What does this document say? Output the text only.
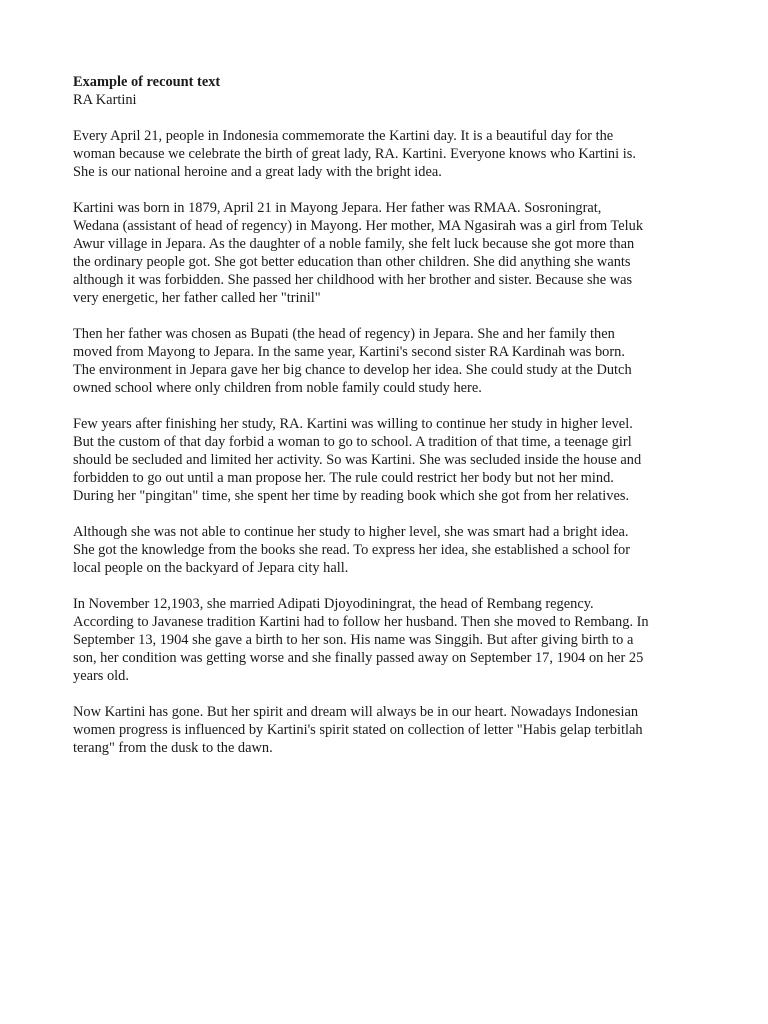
Example of recount text

RA Kartini

Every April 21, people in Indonesia commemorate the Kartini day. It is a beautiful day for the
woman because we celebrate the birth of great lady, RA. Kartini. Everyone knows who Kartini is.
She is our national heroine and a great lady with the bright idea.

Kartini was born in 1879, April 21 in Mayong Jepara. Her father was RMAA. Sosroningrat,
Wedana (assistant of head of regency) in Mayong. Her mother, MA Ngasirah was a girl from Teluk
Awur village in Jepara. As the daughter of a noble family, she felt luck because she got more than
the ordinary people got. She got better education than other children. She did anything she wants
although it was forbidden. She passed her childhood with her brother and sister. Because she was
very energetic, her father called her "trinil"

Then her father was chosen as Bupati (the head of regency) in Jepara. She and her family then
moved from Mayong to Jepara. In the same year, Kartini's second sister RA Kardinah was born.
The environment in Jepara gave her big chance to develop her idea. She could study at the Dutch
owned school where only children from noble family could study here.

Few years after finishing her study, RA. Kartini was willing to continue her study in higher level.
But the custom of that day forbid a woman to go to school. A tradition of that time, a teenage girl
should be secluded and limited her activity. So was Kartini. She was secluded inside the house and
forbidden to go out until a man propose her. The rule could restrict her body but not her mind.
During her "pingitan" time, she spent her time by reading book which she got from her relatives.

Although she was not able to continue her study to higher level, she was smart had a bright idea.
She got the knowledge from the books she read. To express her idea, she established a school for
local people on the backyard of Jepara city hall.

In November 12,1903, she married Adipati Djoyodiningrat, the head of Rembang regency.
According to Javanese tradition Kartini had to follow her husband. Then she moved to Rembang. In
September 13, 1904 she gave a birth to her son. His name was Singgih. But after giving birth to a
son, her condition was getting worse and she finally passed away on September 17, 1904 on her 25
years old.

Now Kartini has gone. But her spirit and dream will always be in our heart. Nowadays Indonesian
women progress is influenced by Kartini's spirit stated on collection of letter "Habis gelap terbitlah
terang" from the dusk to the dawn.
